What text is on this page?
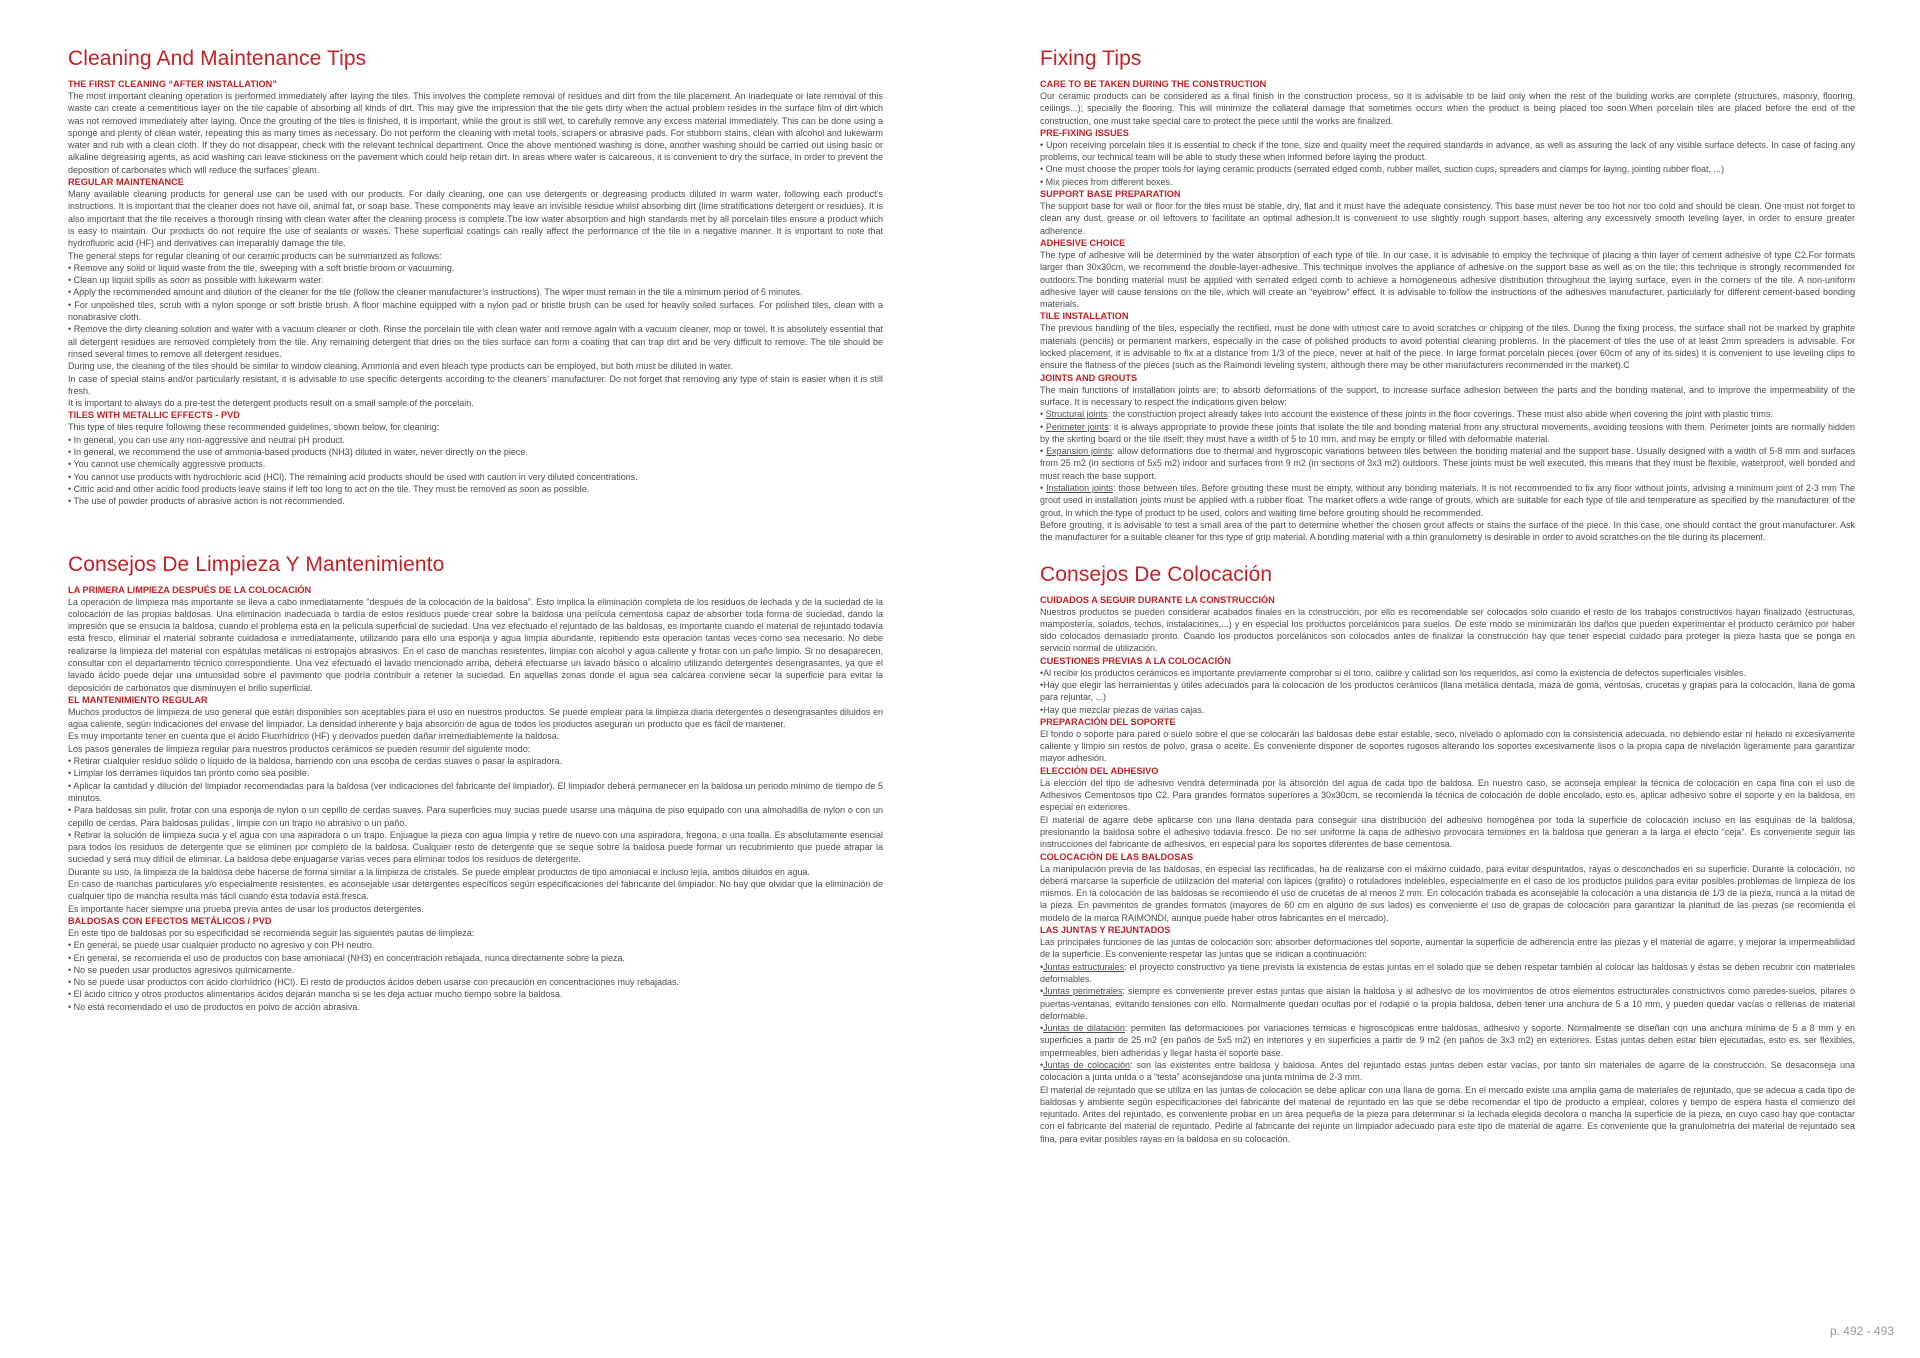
Cleaning And Maintenance Tips
THE FIRST CLEANING “AFTER INSTALLATION”

The most important cleaning operation is performed immediately after laying the tiles. This involves the complete removal of residues and dirt from the tile placement. An inadequate or late removal of this waste can create a cementitious layer on the tile capable of absorbing all kinds of dirt. This may give the impression that the tile gets dirty when the actual problem resides in the surface film of dirt which was not removed immediately after laying. Once the grouting of the tiles is finished, it is important, while the grout is still wet, to carefully remove any excess material immediately. This can be done using a sponge and plenty of clean water, repeating this as many times as necessary. Do not perform the cleaning with metal tools, scrapers or abrasive pads. For stubborn stains, clean with alcohol and lukewarm water and rub with a clean cloth. If they do not disappear, check with the relevant technical department. Once the above mentioned washing is done, another washing should be carried out using basic or alkaline degreasing agents, as acid washing can leave stickiness on the pavement which could help retain dirt. In areas where water is calcareous, it is convenient to dry the surface, in order to prevent the deposition of carbonates which will reduce the surfaces’ gleam.

REGULAR MAINTENANCE

Many available cleaning products for general use can be used with our products. For daily cleaning, one can use detergents or degreasing products diluted in warm water, following each product’s instructions. It is important that the cleaner does not have oil, animal fat, or soap base. These components may leave an invisible residue whilst absorbing dirt (lime stratifications detergent or residues). It is also important that the tile receives a thorough rinsing with clean water after the cleaning process is complete.The low water absorption and high standards met by all porcelain tiles ensure a product which is easy to maintain. Our products do not require the use of sealants or waxes. These superficial coatings can really affect the performance of the tile in a negative manner. It is important to note that hydrofluoric acid (HF) and derivatives can irreparably damage the tile.

The general steps for regular cleaning of our ceramic products can be summarized as follows:

• Remove any solid or liquid waste from the tile, sweeping with a soft bristle broom or vacuuming.

• Clean up liquid spills as soon as possible with lukewarm water.

• Apply the recommended amount and dilution of the cleaner for the tile (follow the cleaner manufacturer’s instructions). The wiper must remain in the tile a minimum period of 5 minutes.

• For unpolished tiles, scrub with a nylon sponge or soft bristle brush. A floor machine equipped with a nylon pad or bristle brush can be used for heavily soiled surfaces. For polished tiles, clean with a nonabrasive cloth.

• Remove the dirty cleaning solution and water with a vacuum cleaner or cloth. Rinse the porcelain tile with clean water and remove again with a vacuum cleaner, mop or towel. It is absolutely essential that all detergent residues are removed completely from the tile. Any remaining detergent that dries on the tiles surface can form a coating that can trap dirt and be very difficult to remove. The tile should be rinsed several times to remove all detergent residues.

During use, the cleaning of the tiles should be similar to window cleaning. Ammonia and even bleach type products can be employed, but both must be diluted in water.

In case of special stains and/or particularly resistant, it is advisable to use specific detergents according to the cleaners’ manufacturer. Do not forget that removing any type of stain is easier when it is still fresh.

It is important to always do a pre-test the detergent products result on a small sample of the porcelain.

TILES WITH METALLIC EFFECTS - PVD

This type of tiles require following these recommended guidelines, shown below, for cleaning:

• In general, you can use any non-aggressive and neutral pH product.

• In general, we recommend the use of ammonia-based products (NH3) diluted in water, never directly on the piece.

• You cannot use chemically aggressive products.

• You cannot use products with hydrochloric acid (HCl). The remaining acid products should be used with caution in very diluted concentrations.

• Citric acid and other acidic food products leave stains if left too long to act on the tile. They must be removed as soon as possible.

• The use of powder products of abrasive action is not recommended.

Consejos De Limpieza Y Mantenimiento
LA PRIMERA LIMPIEZA DESPUÉS DE LA COLOCACIÓN

La operación de limpieza más importante se lleva a cabo inmediatamente “después de la colocación de la baldosa”. Esto implica la eliminación completa de los residuos de lechada y de la suciedad de la colocación de las propias baldosas. Una eliminación inadecuada o tardía de estos residuos puede crear sobre la baldosa una película cementosa capaz de absorber toda forma de suciedad, dando la impresión que se ensucia la baldosa, cuando el problema está en la película superficial de suciedad. Una vez efectuado el rejuntado de las baldosas, es importante cuando el material de rejuntado todavía está fresco, eliminar el material sobrante cuidadosa e inmediatamente, utilizando para ello una esponja y agua limpia abundante, repitiendo esta operación tantas veces como sea necesario. No debe realizarse la limpieza del material con espátulas metálicas ni estropajos abrasivos. En el caso de manchas resistentes, limpiar con alcohol y agua caliente y frotar con un paño limpio. Si no desaparecen, consultar con el departamento técnico correspondiente. Una vez efectuado el lavado mencionado arriba, deberá efectuarse un lavado básico o alcalino utilizando detergentes desengrasantes, ya que el lavado ácido puede dejar una untuosidad sobre el pavimento que podría contribuir a retener la suciedad. En aquellas zonas donde el agua sea calcárea conviene secar la superficie para evitar la deposición de carbonatos que disminuyen el brillo superficial.

EL MANTENIMIENTO REGULAR

Muchos productos de limpieza de uso general que están disponibles son aceptables para el uso en nuestros productos. Se puede emplear para la limpieza diaria detergentes o desengrasantes diluidos en agua caliente, según indicaciones del envase del limpiador. La densidad inherente y baja absorción de agua de todos los productos aseguran un producto que es fácil de mantener.

Es muy importante tener en cuenta que el ácido Fluorhídrico (HF) y derivados pueden dañar irremediablemente la baldosa.

Los pasos generales de limpieza regular para nuestros productos cerámicos se pueden resumir del siguiente modo:

• Retirar cualquier residuo sólido o líquido de la baldosa, barriendo con una escoba de cerdas suaves o pasar la aspiradora.

• Limpiar los derrames líquidos tan pronto como sea posible.

• Aplicar la cantidad y dilución del limpiador recomendadas para la baldosa (ver indicaciones del fabricante del limpiador). El limpiador deberá permanecer en la baldosa un periodo mínimo de tiempo de 5 minutos.

• Para baldosas sin pulir, frotar con una esponja de nylon o un cepillo de cerdas suaves. Para superficies muy sucias puede usarse una máquina de piso equipado con una almohadilla de nylon o con un cepillo de cerdas. Para baldosas pulidas , limpie con un trapo no abrasivo o un paño.

• Retirar la solución de limpieza sucia y el agua con una aspiradora o un trapo. Enjuague la pieza con agua limpia y retire de nuevo con una aspiradora, fregona, o una toalla. Es absolutamente esencial para todos los residuos de detergente que se eliminen por completo de la baldosa. Cualquier resto de detergente que se seque sobre la baldosa puede formar un recubrimiento que puede atrapar la suciedad y será muy difícil de eliminar. La baldosa debe enjuagarse varias veces para eliminar todos los residuos de detergente.

Durante su uso, la limpieza de la baldosa debe hacerse de forma similar a la limpieza de cristales. Se puede emplear productos de tipo amoniacal e incluso lejía, ambos diluidos en agua.

En caso de manchas particulares y/o especialmente resistentes, es aconsejable usar detergentes específicos según especificaciones del fabricante del limpiador. No hay que olvidar que la eliminación de cualquier tipo de mancha resulta más fácil cuando ésta todavía está fresca.

Es importante hacer siempre una prueba previa antes de usar los productos detergentes.

BALDOSAS CON EFECTOS METÁLICOS / PVD

En este tipo de baldosas por su especificidad se recomienda seguir las siguientes pautas de limpieza:

• En general, se puede usar cualquier producto no agresivo y con PH neutro.

• En general, se recomienda el uso de productos con base amoniacal (NH3) en concentración rebajada, nunca directamente sobre la pieza.

• No se pueden usar productos agresivos químicamente.

• No se puede usar productos con ácido clorhídrico (HCl). El resto de productos ácidos deben usarse con precaución en concentraciones muy rebajadas.

• El ácido cítrico y otros productos alimentarios ácidos dejarán mancha si se les deja actuar mucho tiempo sobre la baldosa.

• No está recomendado el uso de productos en polvo de acción abrasiva.

Fixing Tips
CARE TO BE TAKEN DURING THE CONSTRUCTION

Our ceramic products can be considered as a final finish in the construction process, so it is advisable to be laid only when the rest of the building works are complete (structures, masonry, flooring, ceilings...); specially the flooring. This will minimize the collateral damage that sometimes occurs when the product is being placed too soon.When porcelain tiles are placed before the end of the construction, one must take special care to protect the piece until the works are finalized.

PRE-FIXING ISSUES

• Upon receiving porcelain tiles it is essential to check if the tone, size and quality meet the required standards in advance, as well as assuring the lack of any visible surface defects. In case of facing any problems, our technical team will be able to study these when informed before laying the product.

• One must choose the proper tools for laying ceramic products (serrated edged comb, rubber mallet, suction cups, spreaders and clamps for laying, jointing rubber float, ...)

• Mix pieces from different boxes.

SUPPORT BASE PREPARATION

The support base for wall or floor for the tiles must be stable, dry, flat and it must have the adequate consistency. This base must never be too hot nor too cold and should be clean. One must not forget to clean any dust, grease or oil leftovers to facilitate an optimal adhesion.It is convenient to use slightly rough support bases, altering any excessively smooth leveling layer, in order to ensure greater adherence.

ADHESIVE CHOICE

The type of adhesive will be determined by the water absorption of each type of tile. In our case, it is advisable to employ the technique of placing a thin layer of cement adhesive of type C2.For formats larger than 30x30cm, we recommend the double-layer-adhesive. This technique involves the appliance of adhesive on the support base as well as on the tile; this technique is strongly recommended for outdoors.The bonding material must be applied with serrated edged comb to achieve a homogeneous adhesive distribution throughout the laying surface, even in the corners of the tile. A non-uniform adhesive layer will cause tensions on the tile, which will create an “eyebrow” effect. It is advisable to follow the instructions of the adhesives manufacturer, particularly for different cement-based bonding materials.

TILE INSTALLATION

The previous handling of the tiles, especially the rectified, must be done with utmost care to avoid scratches or chipping of the tiles. During the fixing process, the surface shall not be marked by graphite materials (pencils) or permanent markers, especially in the case of polished products to avoid potential cleaning problems. In the placement of tiles the use of at least 2mm spreaders is advisable. For locked placement, it is advisable to fix at a distance from 1/3 of the piece, never at half of the piece. In large format porcelain pieces (over 60cm of any of its sides) it is convenient to use leveling clips to ensure the flatness of the pieces (such as the Raimondi leveling system, although there may be other manufacturers recommended in the market).C

JOINTS AND GROUTS

The main functions of installation joints are: to absorb deformations of the support, to increase surface adhesion between the parts and the bonding material, and to improve the impermeability of the surface. It is necessary to respect the indications given below:

• Structural joints: the construction project already takes into account the existence of these joints in the floor coverings. These must also abide when covering the joint with plastic trims.

• Perimeter joints: it is always appropriate to provide these joints that isolate the tile and bonding material from any structural movements, avoiding tensions with them. Perimeter joints are normally hidden by the skirting board or the tile itself; they must have a width of 5 to 10 mm, and may be empty or filled with deformable material.

• Expansion joints: allow deformations due to thermal and hygroscopic variations between tiles between the bonding material and the support base. Usually designed with a width of 5-8 mm and surfaces from 25 m2 (in sections of 5x5 m2) indoor and surfaces from 9 m2 (in sections of 3x3 m2) outdoors. These joints must be well executed, this means that they must be flexible, waterproof, well bonded and must reach the base support.

• Installation joints: those between tiles. Before grouting these must be empty, without any bonding materials. It is not recommended to fix any floor without joints, advising a minimum joint of 2-3 mm The grout used in installation joints must be applied with a rubber float. The market offers a wide range of grouts, which are suitable for each type of tile and temperature as specified by the manufacturer of the grout, in which the type of product to be used, colors and waiting time before grouting should be recommended.

Before grouting, it is advisable to test a small area of the part to determine whether the chosen grout affects or stains the surface of the piece. In this case, one should contact the grout manufacturer. Ask the manufacturer for a suitable cleaner for this type of grip material. A bonding material with a thin granulometry is desirable in order to avoid scratches on the tile during its placement.

Consejos De Colocación
CUIDADOS A SEGUIR DURANTE LA CONSTRUCCIÓN

Nuestros productos se pueden considerar acabados finales en la construcción, por ello es recomendable ser colocados sólo cuando el resto de los trabajos constructivos hayan finalizado (estructuras, mampostería, solados, techos, instalaciones,...) y en especial los productos porcelánicos para suelos. De este modo se minimizarán los daños que pueden experimentar el producto cerámico por haber sido colocados demasiado pronto. Cuando los productos porcelánicos son colocados antes de finalizar la construcción hay que tener especial cuidado para proteger la pieza hasta que se ponga en servicio normal de utilización.

CUESTIONES PREVIAS A LA COLOCACIÓN

•Al recibir los productos cerámicos es importante previamente comprobar si el tono, calibre y calidad son los requeridos, así como la existencia de defectos superficiales visibles.

•Hay que elegir las herramientas y útiles adecuados para la colocación de los productos cerámicos (llana metálica dentada, maza de goma, ventosas, crucetas y grapas para la colocación, llana de goma para rejuntar, ...)

•Hay que mezclar piezas de varias cajas.

PREPARACIÓN DEL SOPORTE

El fondo o soporte para pared o suelo sobre el que se colocarán las baldosas debe estar estable, seco, nivelado o aplomado con la consistencia adecuada, no debiendo estar ni helado ni excesivamente caliente y limpio sin restos de polvo, grasa o aceite. Es conveniente disponer de soportes rugosos alterando los soportes excesivamente lisos o la propia capa de nivelación ligeramente para garantizar mayor adhesión.

ELECCIÓN DEL ADHESIVO

La elección del tipo de adhesivo vendrá determinada por la absorción del agua de cada tipo de baldosa. En nuestro caso, se aconseja emplear la técnica de colocación en capa fina con el uso de Adhesivos Cementosos tipo C2. Para grandes formatos superiores a 30x30cm, se recomienda la técnica de colocación de doble encolado, esto es, aplicar adhesivo sobre el soporte y en la baldosa, en especial en exteriores.

El material de agarre debe aplicarse con una llana dentada para conseguir una distribución del adhesivo homogénea por toda la superficie de colocación incluso en las esquinas de la baldosa, presionando la baldosa sobre el adhesivo todavía fresco. De no ser uniforme la capa de adhesivo provocará tensiones en la baldosa que generan a la larga el efecto “ceja”. Es conveniente seguir las instrucciones del fabricante de adhesivos, en especial para los soportes diferentes de base cementosa.

COLOCACIÓN DE LAS BALDOSAS

La manipulación previa de las baldosas, en especial las rectificadas, ha de realizarse con el máximo cuidado, para evitar despuntados, rayas o desconchados en su superficie. Durante la colocación, no deberá marcarse la superficie de utilización del material con lápices (grafito) o rotuladores indelebles, especialmente en el caso de los productos pulidos para evitar posibles problemas de limpieza de los mismos. En la colocación de las baldosas se recomiendo el uso de crucetas de al menos 2 mm. En colocación trabada es aconsejable la colocación a una distancia de 1/3 de la pieza, nunca a la mitad de la pieza. En pavimentos de grandes formatos (mayores de 60 cm en alguno de sus lados) es conveniente el uso de grapas de colocación para garantizar la planitud de las piezas (se recomienda el modelo de la marca RAIMONDI, aunque puede haber otros fabricantes en el mercado).

LAS JUNTAS Y REJUNTADOS

Las principales funciones de las juntas de colocación son: absorber deformaciones del soporte, aumentar la superficie de adherencia entre las piezas y el material de agarre, y mejorar la impermeabilidad de la superficie. Es conveniente respetar las juntas que se indican a continuación:

•Juntas estructurales: el proyecto constructivo ya tiene prevista la existencia de estas juntas en el solado que se deben respetar también al colocar las baldosas y éstas se deben recubrir con materiales deformables.

•Juntas perimetrales: siempre es conveniente prever estas juntas que aíslan la baldosa y al adhesivo de los movimientos de otros elementos estructurales constructivos como paredes-suelos, pilares o puertas-ventanas, evitando tensiones con ello. Normalmente quedan ocultas por el rodapié o la propia baldosa, deben tener una anchura de 5 a 10 mm, y pueden quedar vacías o rellenas de material deformable.

•Juntas de dilatación: permiten las deformaciones por variaciones térmicas e higroscópicas entre baldosas, adhesivo y soporte. Normalmente se diseñan con una anchura mínima de 5 a 8 mm y en superficies a partir de 25 m2 (en paños de 5x5 m2) en interiores y en superficies a partir de 9 m2 (en paños de 3x3 m2) en exteriores. Estas juntas deben estar bien ejecutadas, esto es, ser flexibles, impermeables, bien adheridas y llegar hasta el soporte base.

•Juntas de colocación: son las existentes entre baldosa y baldosa. Antes del rejuntado estas juntas deben estar vacías, por tanto sin materiales de agarre de la construcción. Se desaconseja una colocación a junta unida o a “testa” aconsejándose una junta mínima de 2-3 mm.

El material de rejuntado que se utiliza en las juntas de colocación se debe aplicar con una llana de goma. En el mercado existe una amplia gama de materiales de rejuntado, que se adecua a cada tipo de baldosas y ambiente según especificaciones del fabricante del material de rejuntado en las que se debe recomendar el tipo de producto a emplear, colores y tiempo de espera hasta el comienzo del rejuntado. Antes del rejuntado, es conveniente probar en un área pequeña de la pieza para determinar si la lechada elegida decolora o mancha la superficie de la pieza, en cuyo caso hay que contactar con el fabricante del material de rejuntado. Pedirle al fabricante del rejunte un limpiador adecuado para este tipo de material de agarre. Es conveniente que la granulometría del material de rejuntado sea fina, para evitar posibles rayas en la baldosa en su colocación.

p. 492 - 493
